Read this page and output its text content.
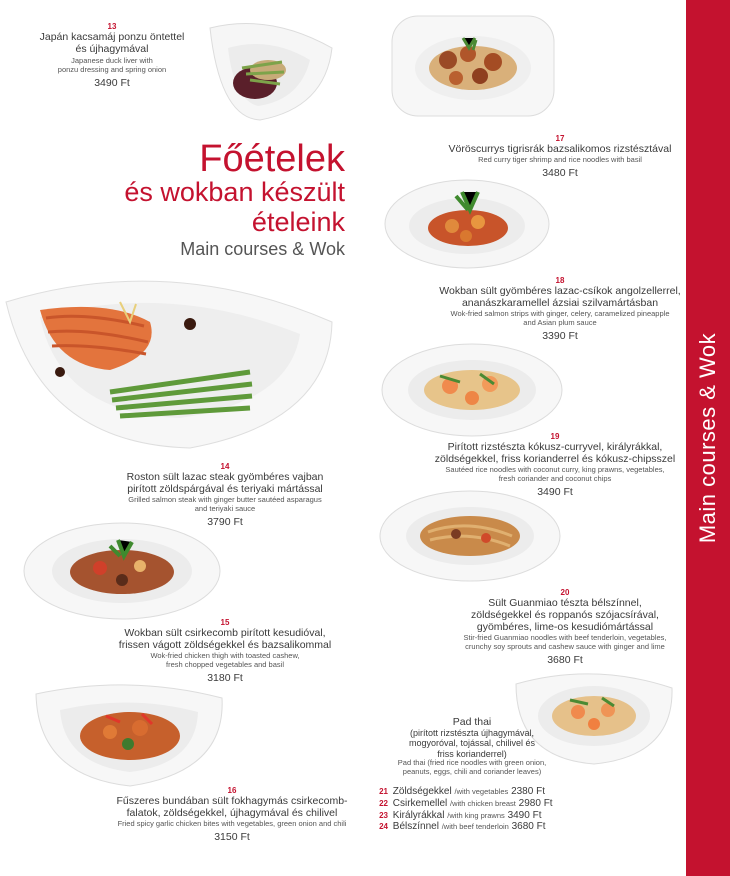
Main courses & Wok
13
Japán kacsamáj ponzu öntettel
és újhagymával
Japanese duck liver with
ponzu dressing and spring onion
3490 Ft
Főételek
és wokban készült
ételeink
Main courses & Wok
17
Vöröscurrys tigrisrák bazsalikomos rizstésztával
Red curry tiger shrimp and rice noodles with basil
3480 Ft
18
Wokban sült gyömbéres lazac-csíkok angolzellerrel,
ananászkaramellel ázsiai szilvamártásban
Wok-fried salmon strips with ginger, celery, caramelized pineapple
and Asian plum sauce
3390 Ft
19
Pirított rizstészta kókusz-curryvel, királyrákkal,
zöldségekkel, friss korianderrel és kókusz-chipsszel
Sautéed rice noodles with coconut curry, king prawns, vegetables,
fresh coriander and coconut chips
3490 Ft
14
Roston sült lazac steak gyömbéres vajban
pirított zöldspárgával és teriyaki mártással
Grilled salmon steak with ginger butter sautéed asparagus
and teriyaki sauce
3790 Ft
20
Sült Guanmiao tészta bélszínnel,
zöldségekkel és roppanós szójacsírával,
gyömbéres, lime-os kesudiómártással
Stir-fried Guanmiao noodles with beef tenderloin, vegetables,
crunchy soy sprouts and cashew sauce with ginger and lime
3680 Ft
15
Wokban sült csirkecomb pirított kesudióval,
frissen vágott zöldségekkel és bazsalikommal
Wok-fried chicken thigh with toasted cashew,
fresh chopped vegetables and basil
3180 Ft
Pad thai
(pirított rizstészta újhagymával,
mogyoróval, tojással, chilivel és
friss korianderrel)
Pad thai (fried rice noodles with green onion,
peanuts, eggs, chili and coriander leaves)
21 Zöldségekkel /with vegetables 2380 Ft
22 Csirkemellel /with chicken breast 2980 Ft
23 Királyrákkal /with king prawns 3490 Ft
24 Bélszínnel /with beef tenderloin 3680 Ft
16
Fűszeres bundában sült fokhagymás csirkecomb-
falatok, zöldségekkel, újhagymával és chilivel
Fried spicy garlic chicken bites with vegetables, green onion and chili
3150 Ft
